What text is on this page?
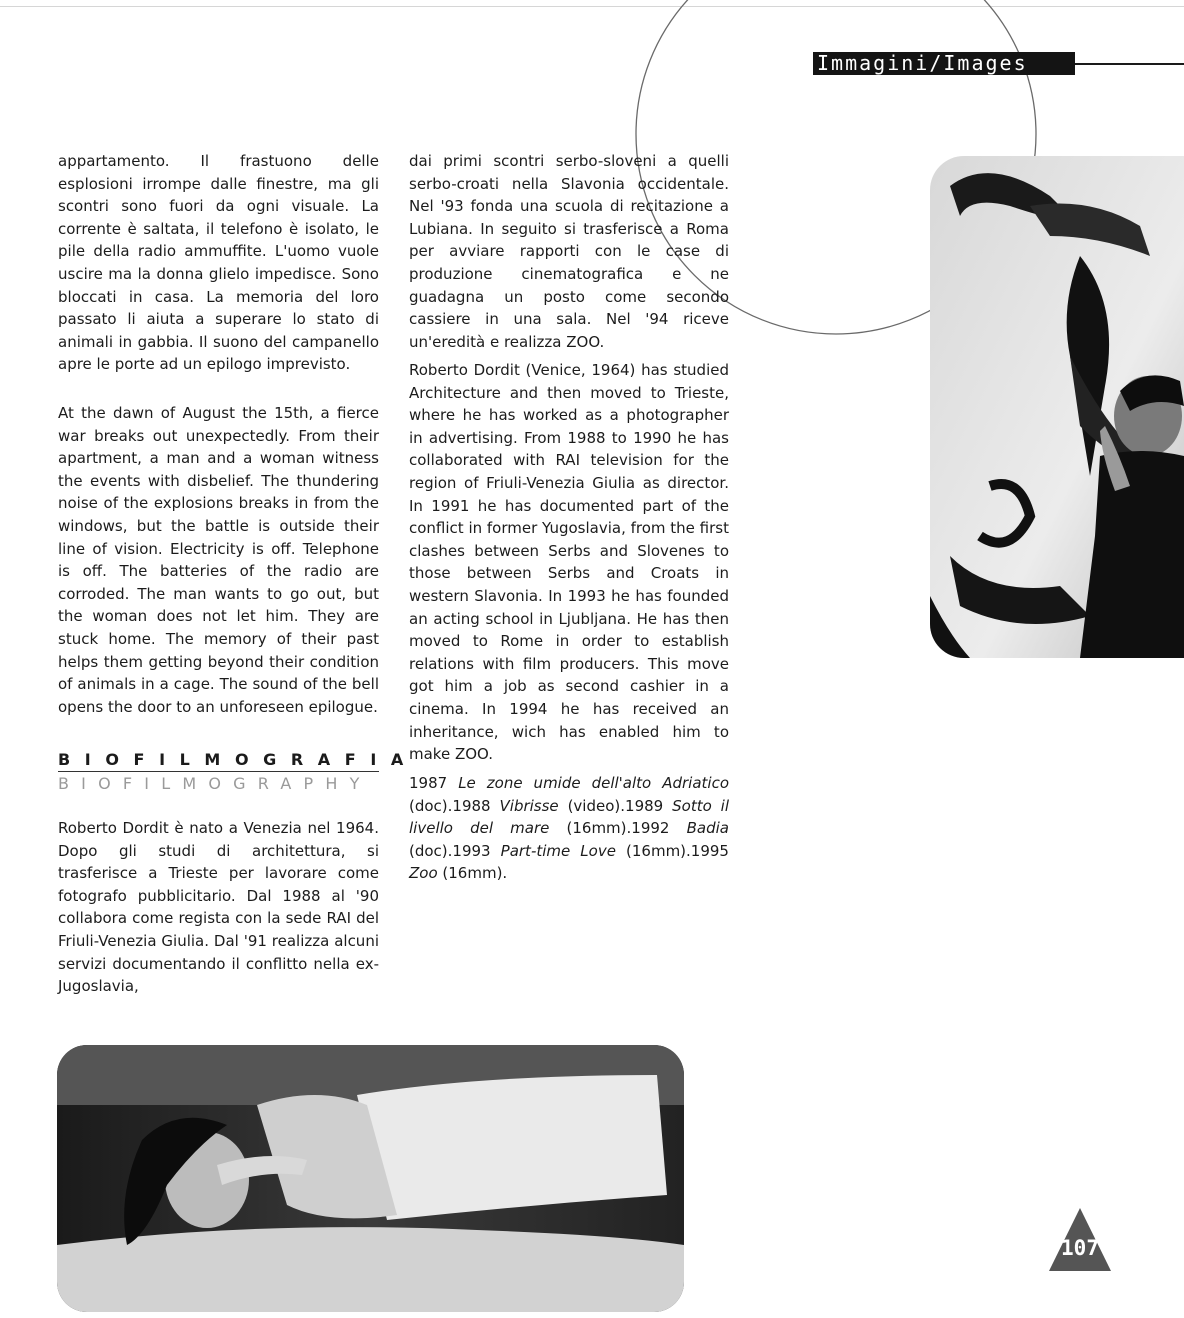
Immagini/Images

appartamento. Il frastuono delle esplosioni irrompe dalle finestre, ma gli scontri sono fuori da ogni visuale. La corrente è saltata, il telefono è isolato, le pile della radio ammuffite. L'uomo vuole uscire ma la donna glielo impedisce. Sono bloccati in casa. La memoria del loro passato li aiuta a superare lo stato di animali in gabbia. Il suono del campanello apre le porte ad un epilogo imprevisto.

At the dawn of August the 15th, a fierce war breaks out unexpectedly. From their apartment, a man and a woman witness the events with disbelief. The thundering noise of the explosions breaks in from the windows, but the battle is outside their line of vision. Electricity is off. Telephone is off. The batteries of the radio are corroded. The man wants to go out, but the woman does not let him. They are stuck home. The memory of their past helps them getting beyond their condition of animals in a cage. The sound of the bell opens the door to an unforeseen epilogue.

Roberto Dordit è nato a Venezia nel 1964. Dopo gli studi di architettura, si trasferisce a Trieste per lavorare come fotografo pubblicitario. Dal 1988 al '90 collabora come regista con la sede RAI del Friuli-Venezia Giulia. Dal '91 realizza alcuni servizi documentando il conflitto nella ex-Jugoslavia,

BIOFILMOGRAFIA
BIOFILMOGRAPHY

dai primi scontri serbo-sloveni a quelli serbo-croati nella Slavonia occidentale. Nel '93 fonda una scuola di recitazione a Lubiana. In seguito si trasferisce a Roma per avviare rapporti con le case di produzione cinematografica e ne guadagna un posto come secondo cassiere in una sala. Nel '94 riceve un'eredità e realizza ZOO.

Roberto Dordit (Venice, 1964) has studied Architecture and then moved to Trieste, where he has worked as a photographer in advertising. From 1988 to 1990 he has collaborated with RAI television for the region of Friuli-Venezia Giulia as director. In 1991 he has documented part of the conflict in former Yugoslavia, from the first clashes between Serbs and Slovenes to those between Serbs and Croats in western Slavonia. In 1993 he has founded an acting school in Ljubljana. He has then moved to Rome in order to establish relations with film producers. This move got him a job as second cashier in a cinema. In 1994 he has received an inheritance, wich has enabled him to make ZOO.

1987 Le zone umide dell'alto Adriatico (doc).1988 Vibrisse (video).1989 Sotto il livello del mare (16mm).1992 Badia (doc).1993 Part-time Love (16mm).1995 Zoo (16mm).

107
